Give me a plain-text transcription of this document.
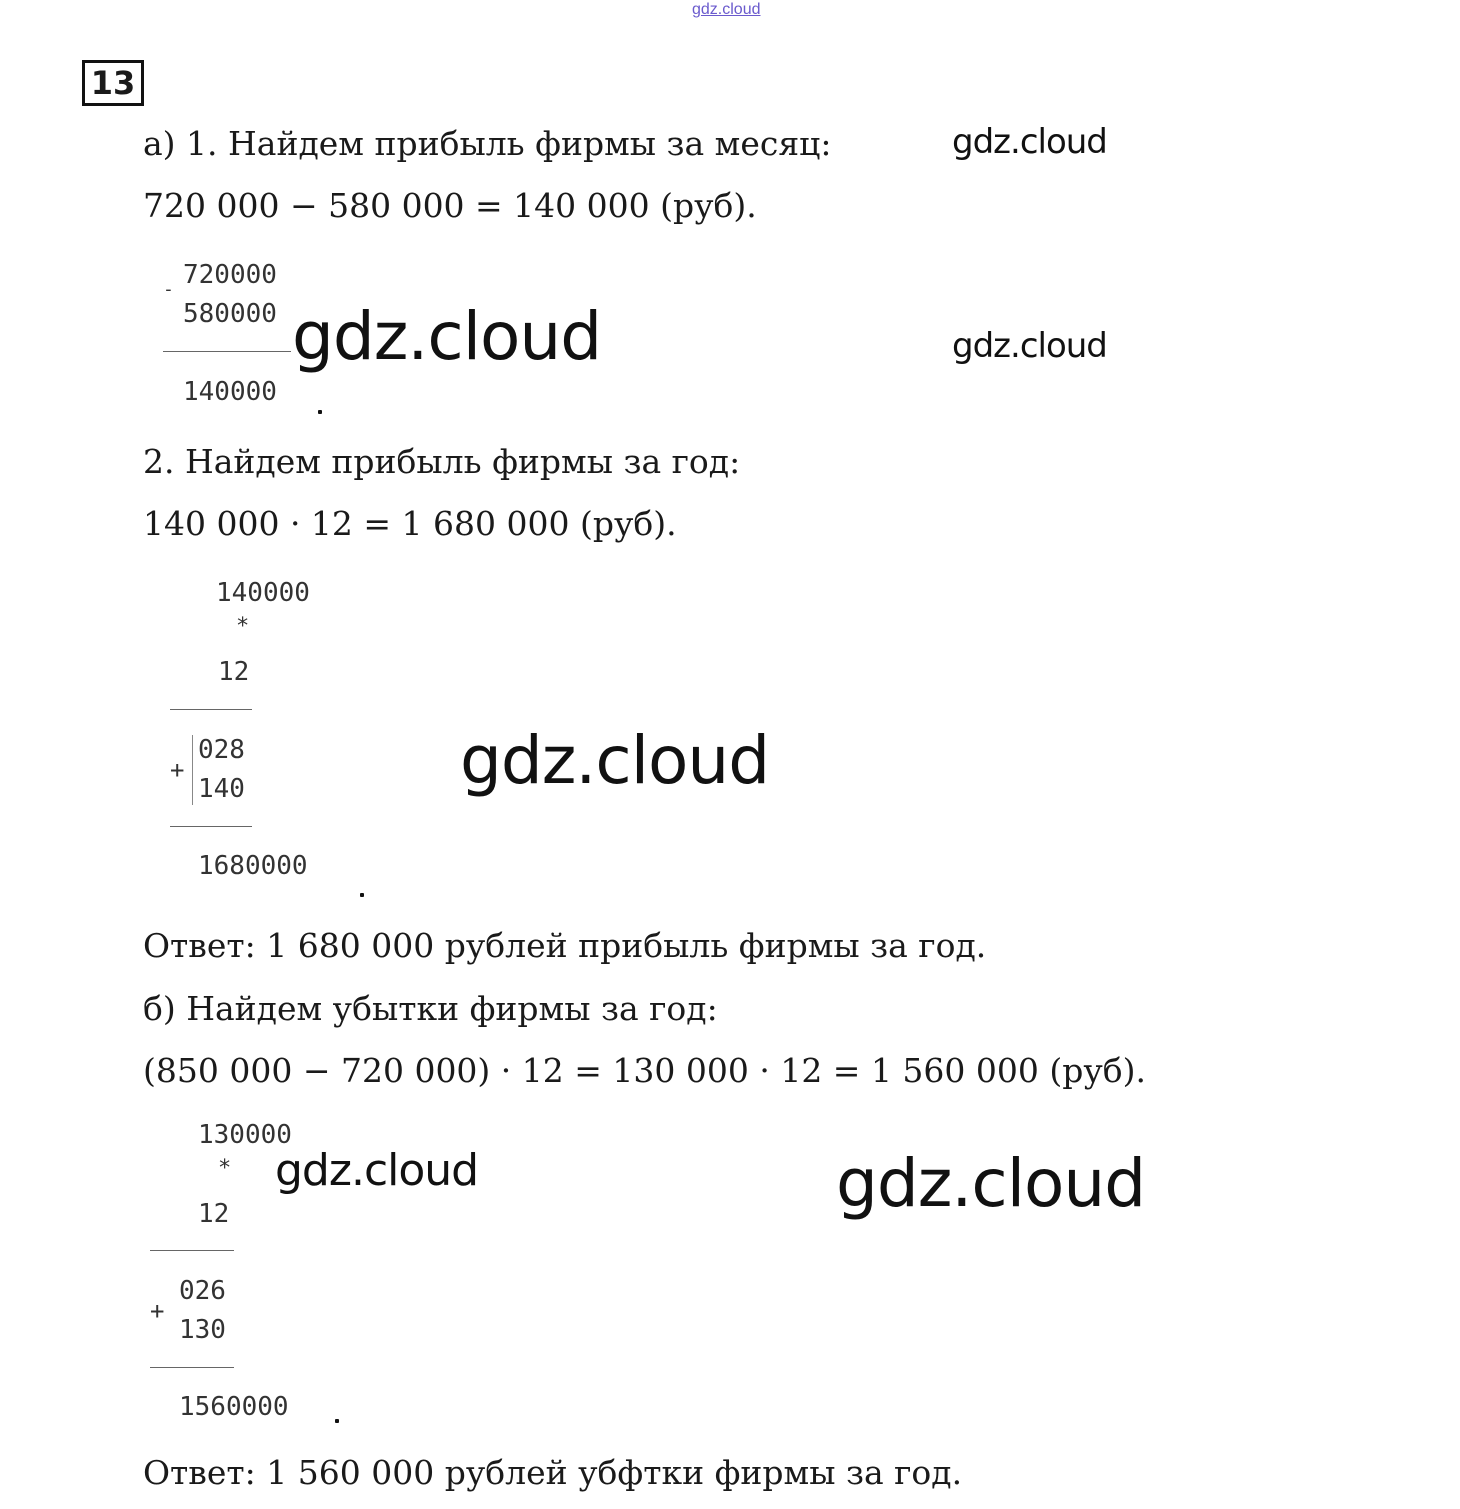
gdz.cloud
13
а) 1. Найдем прибыль фирмы за месяц:
720 000 − 580 000 = 140 000 (руб).
720000
-
580000
140000
2. Найдем прибыль фирмы за год:
140 000 · 12 = 1 680 000 (руб).
140000
*
12
028
+
140
1680000
Ответ: 1 680 000 рублей прибыль фирмы за год.
б) Найдем убытки фирмы за год:
(850 000 − 720 000) · 12 = 130 000 · 12 = 1 560 000 (руб).
130000
*
12
026
+
130
1560000
Ответ: 1 560 000 рублей убфтки фирмы за год.
gdz.cloud
gdz.cloud	gdz.cloud
gdz.cloud
gdz.cloud	gdz.cloud
